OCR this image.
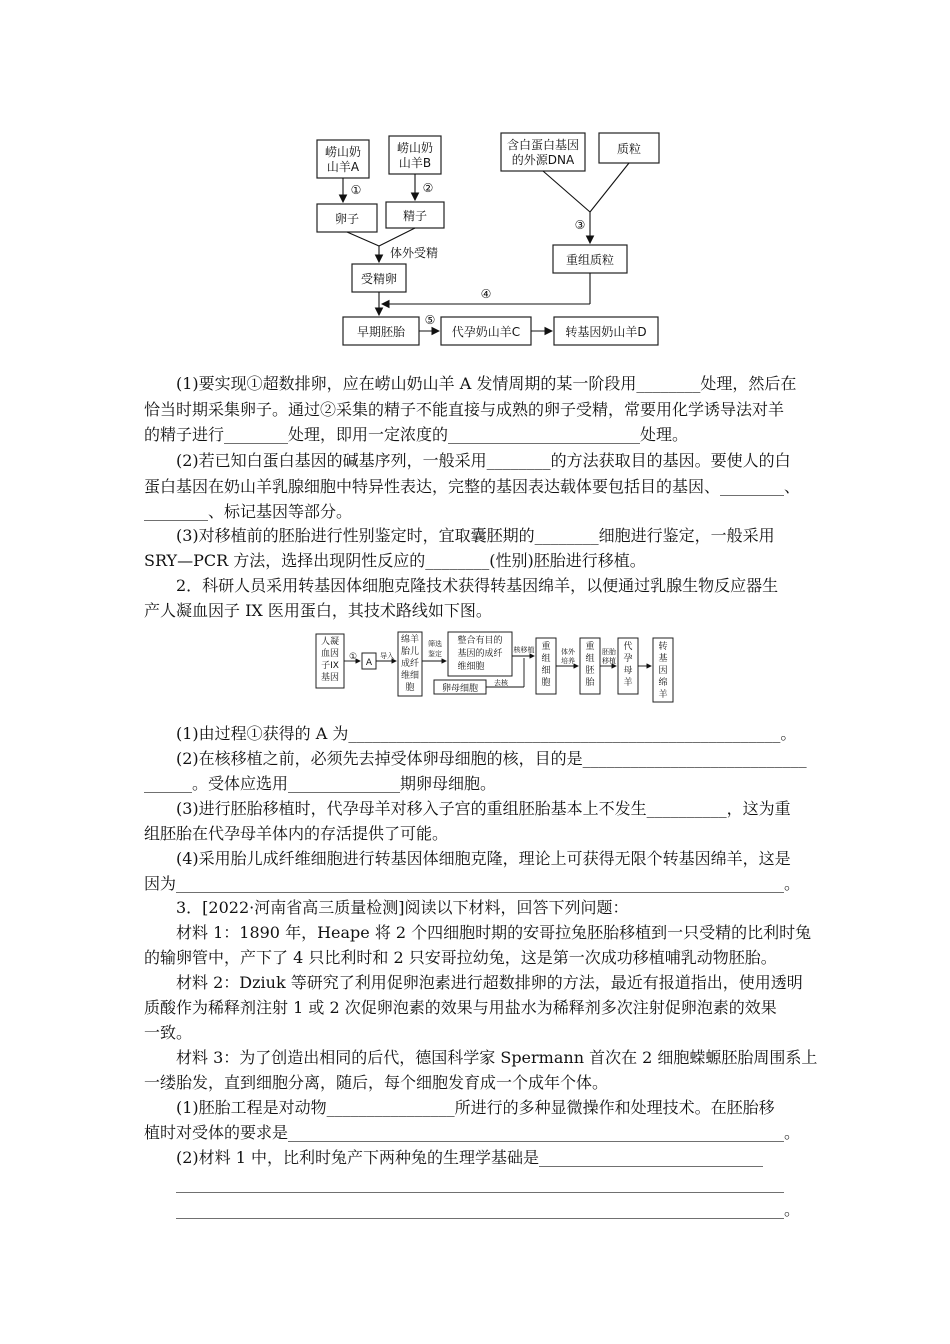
崂山奶
山羊A
崂山奶
山羊B
含白蛋白基因
的外源DNA
质粒
卵子	精子
受精卵
重组质粒
早期胚胎	代孕奶山羊C	转基因奶山羊D
①	②
③
④
⑤
体外受精
(1)要实现①超数排卵，应在崂山奶山羊 A 发情周期的某一阶段用________处理，然后在
恰当时期采集卵子。通过②采集的精子不能直接与成熟的卵子受精，常要用化学诱导法对羊
的精子进行________处理，即用一定浓度的________________________处理。
(2)若已知白蛋白基因的碱基序列，一般采用________的方法获取目的基因。要使人的白
蛋白基因在奶山羊乳腺细胞中特异性表达，完整的基因表达载体要包括目的基因、________、
________、标记基因等部分。
(3)对移植前的胚胎进行性别鉴定时，宜取囊胚期的________细胞进行鉴定，一般采用
SRY—PCR 方法，选择出现阴性反应的________(性别)胚胎进行移植。
2．科研人员采用转基因体细胞克隆技术获得转基因绵羊，以便通过乳腺生物反应器生
产人凝血因子 IX 医用蛋白，其技术路线如下图。
人凝
血因
子IX
基因
①
A
导入
绵羊
胎儿
成纤
维细
胞
筛选
鉴定
整合有目的
基因的成纤
维细胞
卵母细胞
去核
核移植 重
组
细
胞
体外
培养
重
组
胚
胎
胚胎
移植
代
孕
母
羊
转
基
因
绵
羊
(1)由过程①获得的 A 为______________________________________________________。
(2)在核移植之前，必须先去掉受体卵母细胞的核，目的是____________________________
______。受体应选用______________期卵母细胞。
(3)进行胚胎移植时，代孕母羊对移入子宫的重组胚胎基本上不发生__________，这为重
组胚胎在代孕母羊体内的存活提供了可能。
(4)采用胎儿成纤维细胞进行转基因体细胞克隆，理论上可获得无限个转基因绵羊，这是
因为____________________________________________________________________________。
3．[2022·河南省高三质量检测]阅读以下材料，回答下列问题：
材料 1：1890 年，Heape 将 2 个四细胞时期的安哥拉兔胚胎移植到一只受精的比利时兔
的输卵管中，产下了 4 只比利时和 2 只安哥拉幼兔，这是第一次成功移植哺乳动物胚胎。
材料 2：Dziuk 等研究了利用促卵泡素进行超数排卵的方法，最近有报道指出，使用透明
质酸作为稀释剂注射 1 或 2 次促卵泡素的效果与用盐水为稀释剂多次注射促卵泡素的效果
一致。
材料 3：为了创造出相同的后代，德国科学家 Spermann 首次在 2 细胞蝾螈胚胎周围系上
一缕胎发，直到细胞分离，随后，每个细胞发育成一个成年个体。
(1)胚胎工程是对动物________________所进行的多种显微操作和处理技术。在胚胎移
植时对受体的要求是______________________________________________________________。
(2)材料 1 中，比利时兔产下两种兔的生理学基础是____________________________
____________________________________________________________________________
____________________________________________________________________________。
